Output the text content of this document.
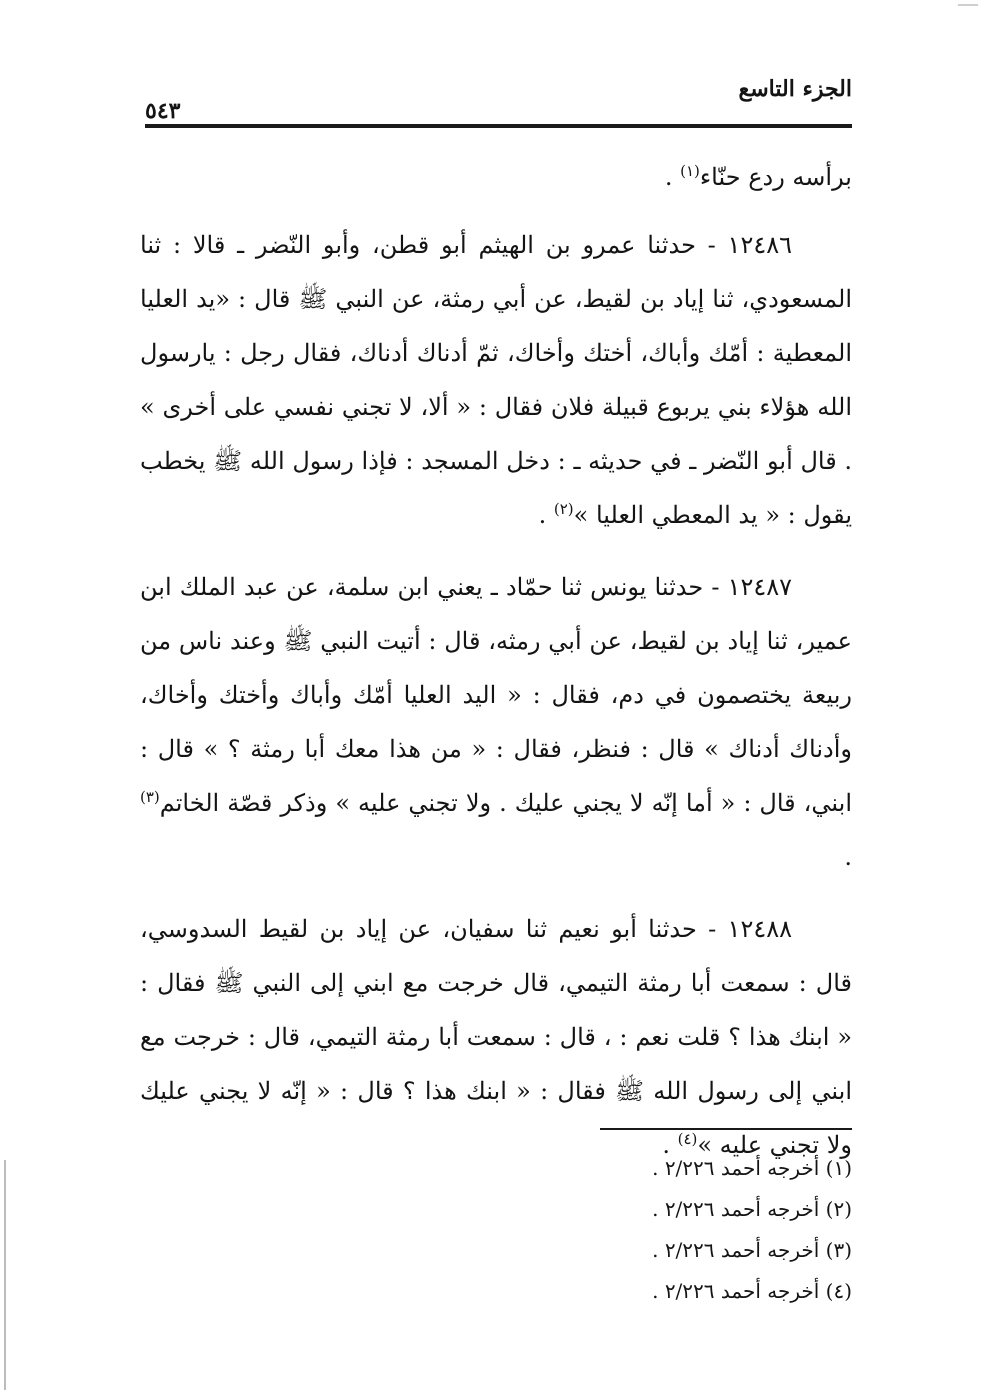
الجزء التاسع
٥٤٣

برأسه ردع حنّاء$^{(١)}$ .

١٢٤٨٦ - حدثنا عمرو بن الهيثم أبو قطن، وأبو النّضر ـ قالا : ثنا المسعودي، ثنا إياد بن لقيط، عن أبي رمثة، عن النبي ﷺ قال : «يد العليا المعطية : أمّك وأباك، أختك وأخاك، ثمّ أدناك أدناك، فقال رجل : يارسول الله هؤلاء بني يربوع قبيلة فلان فقال : « ألا، لا تجني نفسي على أخرى » . قال أبو النّضر ـ في حديثه ـ : دخل المسجد : فإذا رسول الله ﷺ يخطب يقول : « يد المعطي العليا »$^{(٢)}$ .

١٢٤٨٧ - حدثنا يونس ثنا حمّاد ـ يعني ابن سلمة، عن عبد الملك ابن عمير، ثنا إياد بن لقيط، عن أبي رمثه، قال : أتيت النبي ﷺ وعند ناس من ربيعة يختصمون في دم، فقال : « اليد العليا أمّك وأباك وأختك وأخاك، وأدناك أدناك » قال : فنظر، فقال : « من هذا معك أبا رمثة ؟ » قال : ابني، قال : « أما إنّه لا يجني عليك . ولا تجني عليه » وذكر قصّة الخاتم$^{(٣)}$ .

١٢٤٨٨ - حدثنا أبو نعيم ثنا سفيان، عن إياد بن لقيط السدوسي، قال : سمعت أبا رمثة التيمي، قال خرجت مع ابني إلى النبي ﷺ فقال : « ابنك هذا ؟ قلت نعم : ، قال : سمعت أبا رمثة التيمي، قال : خرجت مع ابني إلى رسول الله ﷺ فقال : « ابنك هذا ؟ قال : « إنّه لا يجني عليك ولا تجني عليه »$^{(٤)}$ .

(١) أخرجه أحمد ٢/٢٢٦ .
(٢) أخرجه أحمد ٢/٢٢٦ .
(٣) أخرجه أحمد ٢/٢٢٦ .
(٤) أخرجه أحمد ٢/٢٢٦ .
